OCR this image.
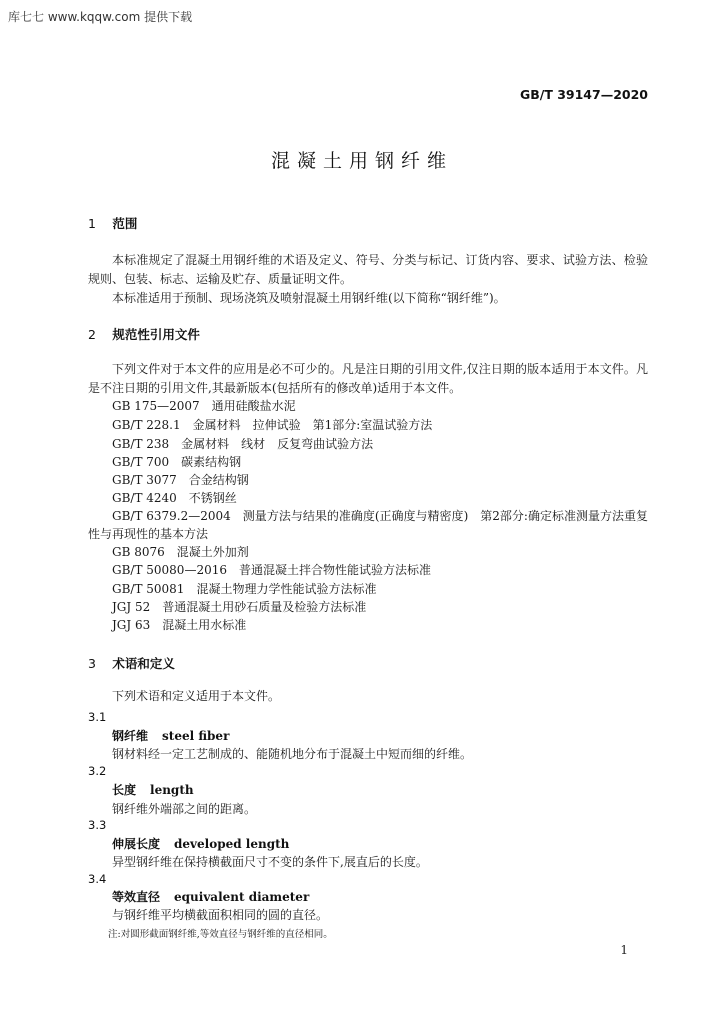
库七七 www.kqqw.com 提供下载
GB/T 39147—2020
混凝土用钢纤维
1 范围
本标准规定了混凝土用钢纤维的术语及定义、符号、分类与标记、订货内容、要求、试验方法、检验规则、包装、标志、运输及贮存、质量证明文件。
本标准适用于预制、现场浇筑及喷射混凝土用钢纤维(以下简称“钢纤维”)。
2 规范性引用文件
下列文件对于本文件的应用是必不可少的。凡是注日期的引用文件,仅注日期的版本适用于本文件。凡是不注日期的引用文件,其最新版本(包括所有的修改单)适用于本文件。
GB 175—2007　通用硅酸盐水泥
GB/T 228.1　金属材料　拉伸试验　第1部分:室温试验方法
GB/T 238　金属材料　线材　反复弯曲试验方法
GB/T 700　碳素结构钢
GB/T 3077　合金结构钢
GB/T 4240　不锈钢丝
GB/T 6379.2—2004　测量方法与结果的准确度(正确度与精密度)　第2部分:确定标准测量方法重复性与再现性的基本方法
GB 8076　混凝土外加剂
GB/T 50080—2016　普通混凝土拌合物性能试验方法标准
GB/T 50081　混凝土物理力学性能试验方法标准
JGJ 52　普通混凝土用砂石质量及检验方法标准
JGJ 63　混凝土用水标准
3 术语和定义
下列术语和定义适用于本文件。
3.1
钢纤维 steel fiber
钢材料经一定工艺制成的、能随机地分布于混凝土中短而细的纤维。
3.2
长度 length
钢纤维外端部之间的距离。
3.3
伸展长度 developed length
异型钢纤维在保持横截面尺寸不变的条件下,展直后的长度。
3.4
等效直径 equivalent diameter
与钢纤维平均横截面积相同的圆的直径。
注:对圆形截面钢纤维,等效直径与钢纤维的直径相同。
1
